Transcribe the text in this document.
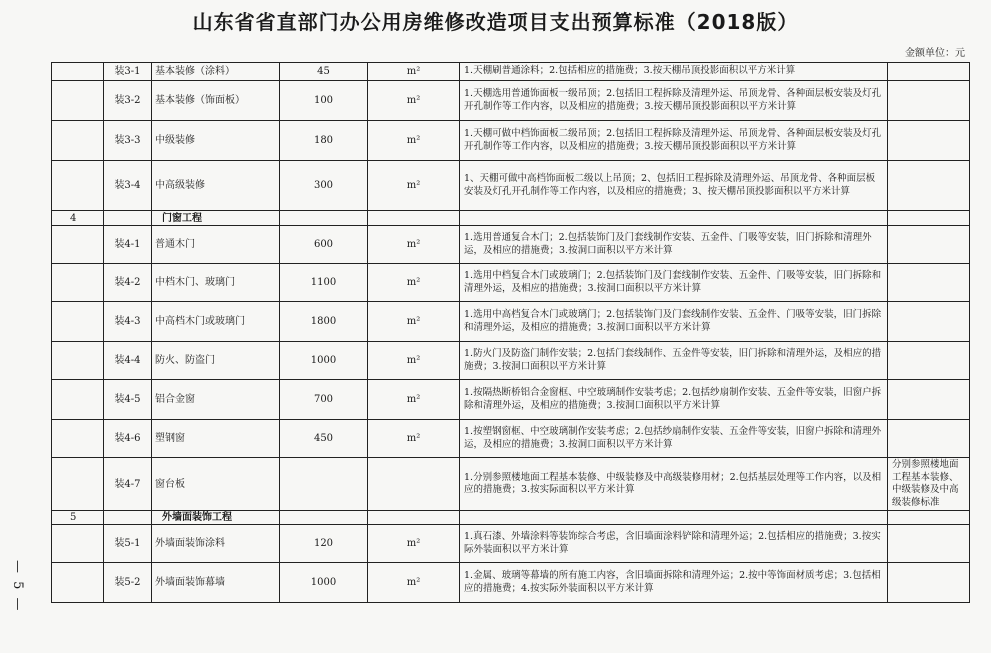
山东省省直部门办公用房维修改造项目支出预算标准（2018版）
金额单位：元
— 5 —
	装3-1	基本装修（涂料）	45	m²	1.天棚刷普通涂料；2.包括相应的措施费；3.按天棚吊顶投影面积以平方米计算	
	装3-2	基本装修（饰面板）	100	m²	1.天棚选用普通饰面板一级吊顶；2.包括旧工程拆除及清理外运、吊顶龙骨、各种面层板安装及灯孔开孔制作等工作内容，以及相应的措施费；3.按天棚吊顶投影面积以平方米计算	
	装3-3	中级装修	180	m²	1.天棚可做中档饰面板二级吊顶；2.包括旧工程拆除及清理外运、吊顶龙骨、各种面层板安装及灯孔开孔制作等工作内容，以及相应的措施费；3.按天棚吊顶投影面积以平方米计算	
	装3-4	中高级装修	300	m²	1、天棚可做中高档饰面板二级以上吊顶；2、包括旧工程拆除及清理外运、吊顶龙骨、各种面层板安装及灯孔开孔制作等工作内容，以及相应的措施费；3、按天棚吊顶投影面积以平方米计算	
4		门窗工程				
	装4-1	普通木门	600	m²	1.选用普通复合木门；2.包括装饰门及门套线制作安装、五金件、门吸等安装，旧门拆除和清理外运，及相应的措施费；3.按洞口面积以平方米计算	
	装4-2	中档木门、玻璃门	1100	m²	1.选用中档复合木门或玻璃门；2.包括装饰门及门套线制作安装、五金件、门吸等安装，旧门拆除和清理外运，及相应的措施费；3.按洞口面积以平方米计算	
	装4-3	中高档木门或玻璃门	1800	m²	1.选用中高档复合木门或玻璃门；2.包括装饰门及门套线制作安装、五金件、门吸等安装，旧门拆除和清理外运，及相应的措施费；3.按洞口面积以平方米计算	
	装4-4	防火、防盗门	1000	m²	1.防火门及防盗门制作安装；2.包括门套线制作、五金件等安装，旧门拆除和清理外运，及相应的措施费；3.按洞口面积以平方米计算	
	装4-5	铝合金窗	700	m²	1.按隔热断桥铝合金窗框、中空玻璃制作安装考虑；2.包括纱扇制作安装、五金件等安装，旧窗户拆除和清理外运，及相应的措施费；3.按洞口面积以平方米计算	
	装4-6	塑钢窗	450	m²	1.按塑钢窗框、中空玻璃制作安装考虑；2.包括纱扇制作安装、五金件等安装，旧窗户拆除和清理外运，及相应的措施费；3.按洞口面积以平方米计算	
	装4-7	窗台板			1.分别参照楼地面工程基本装修、中级装修及中高级装修用材；2.包括基层处理等工作内容，以及相应的措施费；3.按实际面积以平方米计算	分别参照楼地面工程基本装修、中级装修及中高级装修标准
5		外墙面装饰工程				
	装5-1	外墙面装饰涂料	120	m²	1.真石漆、外墙涂料等装饰综合考虑，含旧墙面涂料铲除和清理外运；2.包括相应的措施费；3.按实际外装面积以平方米计算	
	装5-2	外墙面装饰幕墙	1000	m²	1.金属、玻璃等幕墙的所有施工内容，含旧墙面拆除和清理外运；2.按中等饰面材质考虑；3.包括相应的措施费；4.按实际外装面积以平方米计算	
